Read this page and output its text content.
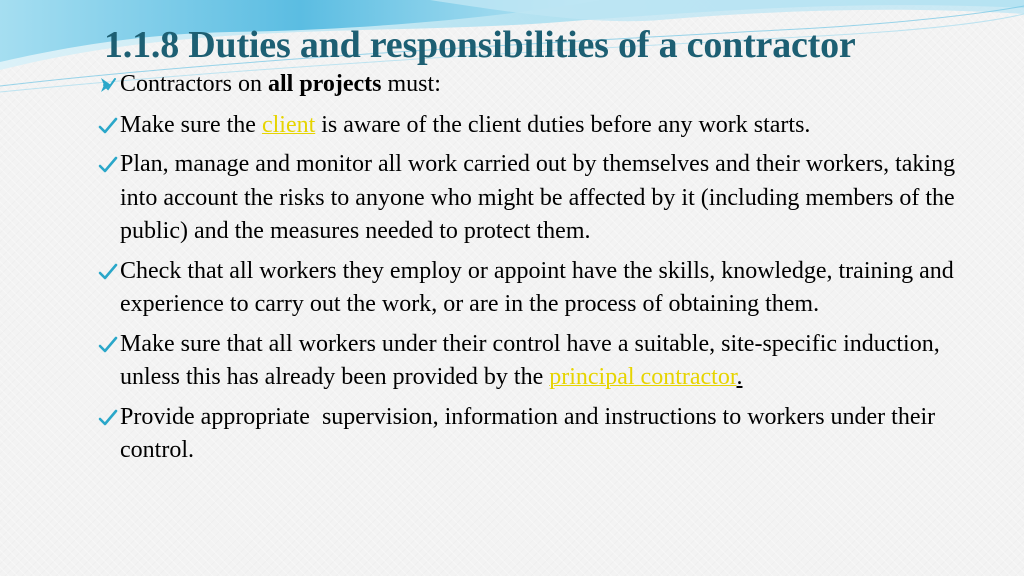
1.1.8 Duties and responsibilities of a contractor
Contractors on all projects must:
Make sure the client is aware of the client duties before any work starts.
Plan, manage and monitor all work carried out by themselves and their workers, taking into account the risks to anyone who might be affected by it (including members of the public) and the measures needed to protect them.
Check that all workers they employ or appoint have the skills, knowledge, training and experience to carry out the work, or are in the process of obtaining them.
Make sure that all workers under their control have a suitable, site-specific induction, unless this has already been provided by the principal contractor.
Provide appropriate  supervision, information and instructions to workers under their control.
